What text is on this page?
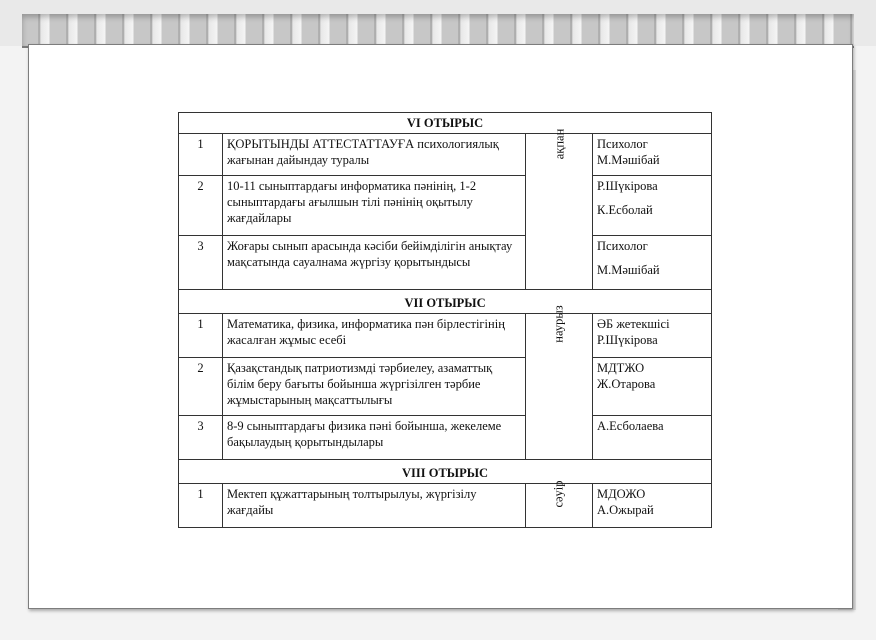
VI ОТЫРЫС			
1	ҚОРЫТЫНДЫ АТТЕСТАТТАУҒА психологиялық жағынан дайындау туралы	ақпан	Психолог
М.Мәшібай

2	10-11 сыныптардағы информатика пәнінің, 1-2 сыныптардағы ағылшын тілі пәнінің оқытылу жағдайлары		Р.Шүкірова
К.Есболай

3	Жоғары сынып арасында кәсіби бейімділігін анықтау мақсатында сауалнама жүргізу қорытындысы		Психолог
М.Мәшібай

VII ОТЫРЫС			
1	Математика, физика, информатика пән бірлестігінің жасалған жұмыс есебі	наурыз	ӘБ жетекшісі
Р.Шүкірова

2	Қазақстандық патриотизмді тәрбиелеу, азаматтық білім беру бағыты бойынша жүргізілген тәрбие жұмыстарының мақсаттылығы		МДТЖО
Ж.Отарова

3	8-9 сыныптардағы физика пәні бойынша, жекелеме бақылаудың қорытындылары		А.Есболаева

VIII ОТЫРЫС			
1	Мектеп құжаттарының толтырылуы, жүргізілу жағдайы	сәуір	МДОЖО
А.Ожырай
